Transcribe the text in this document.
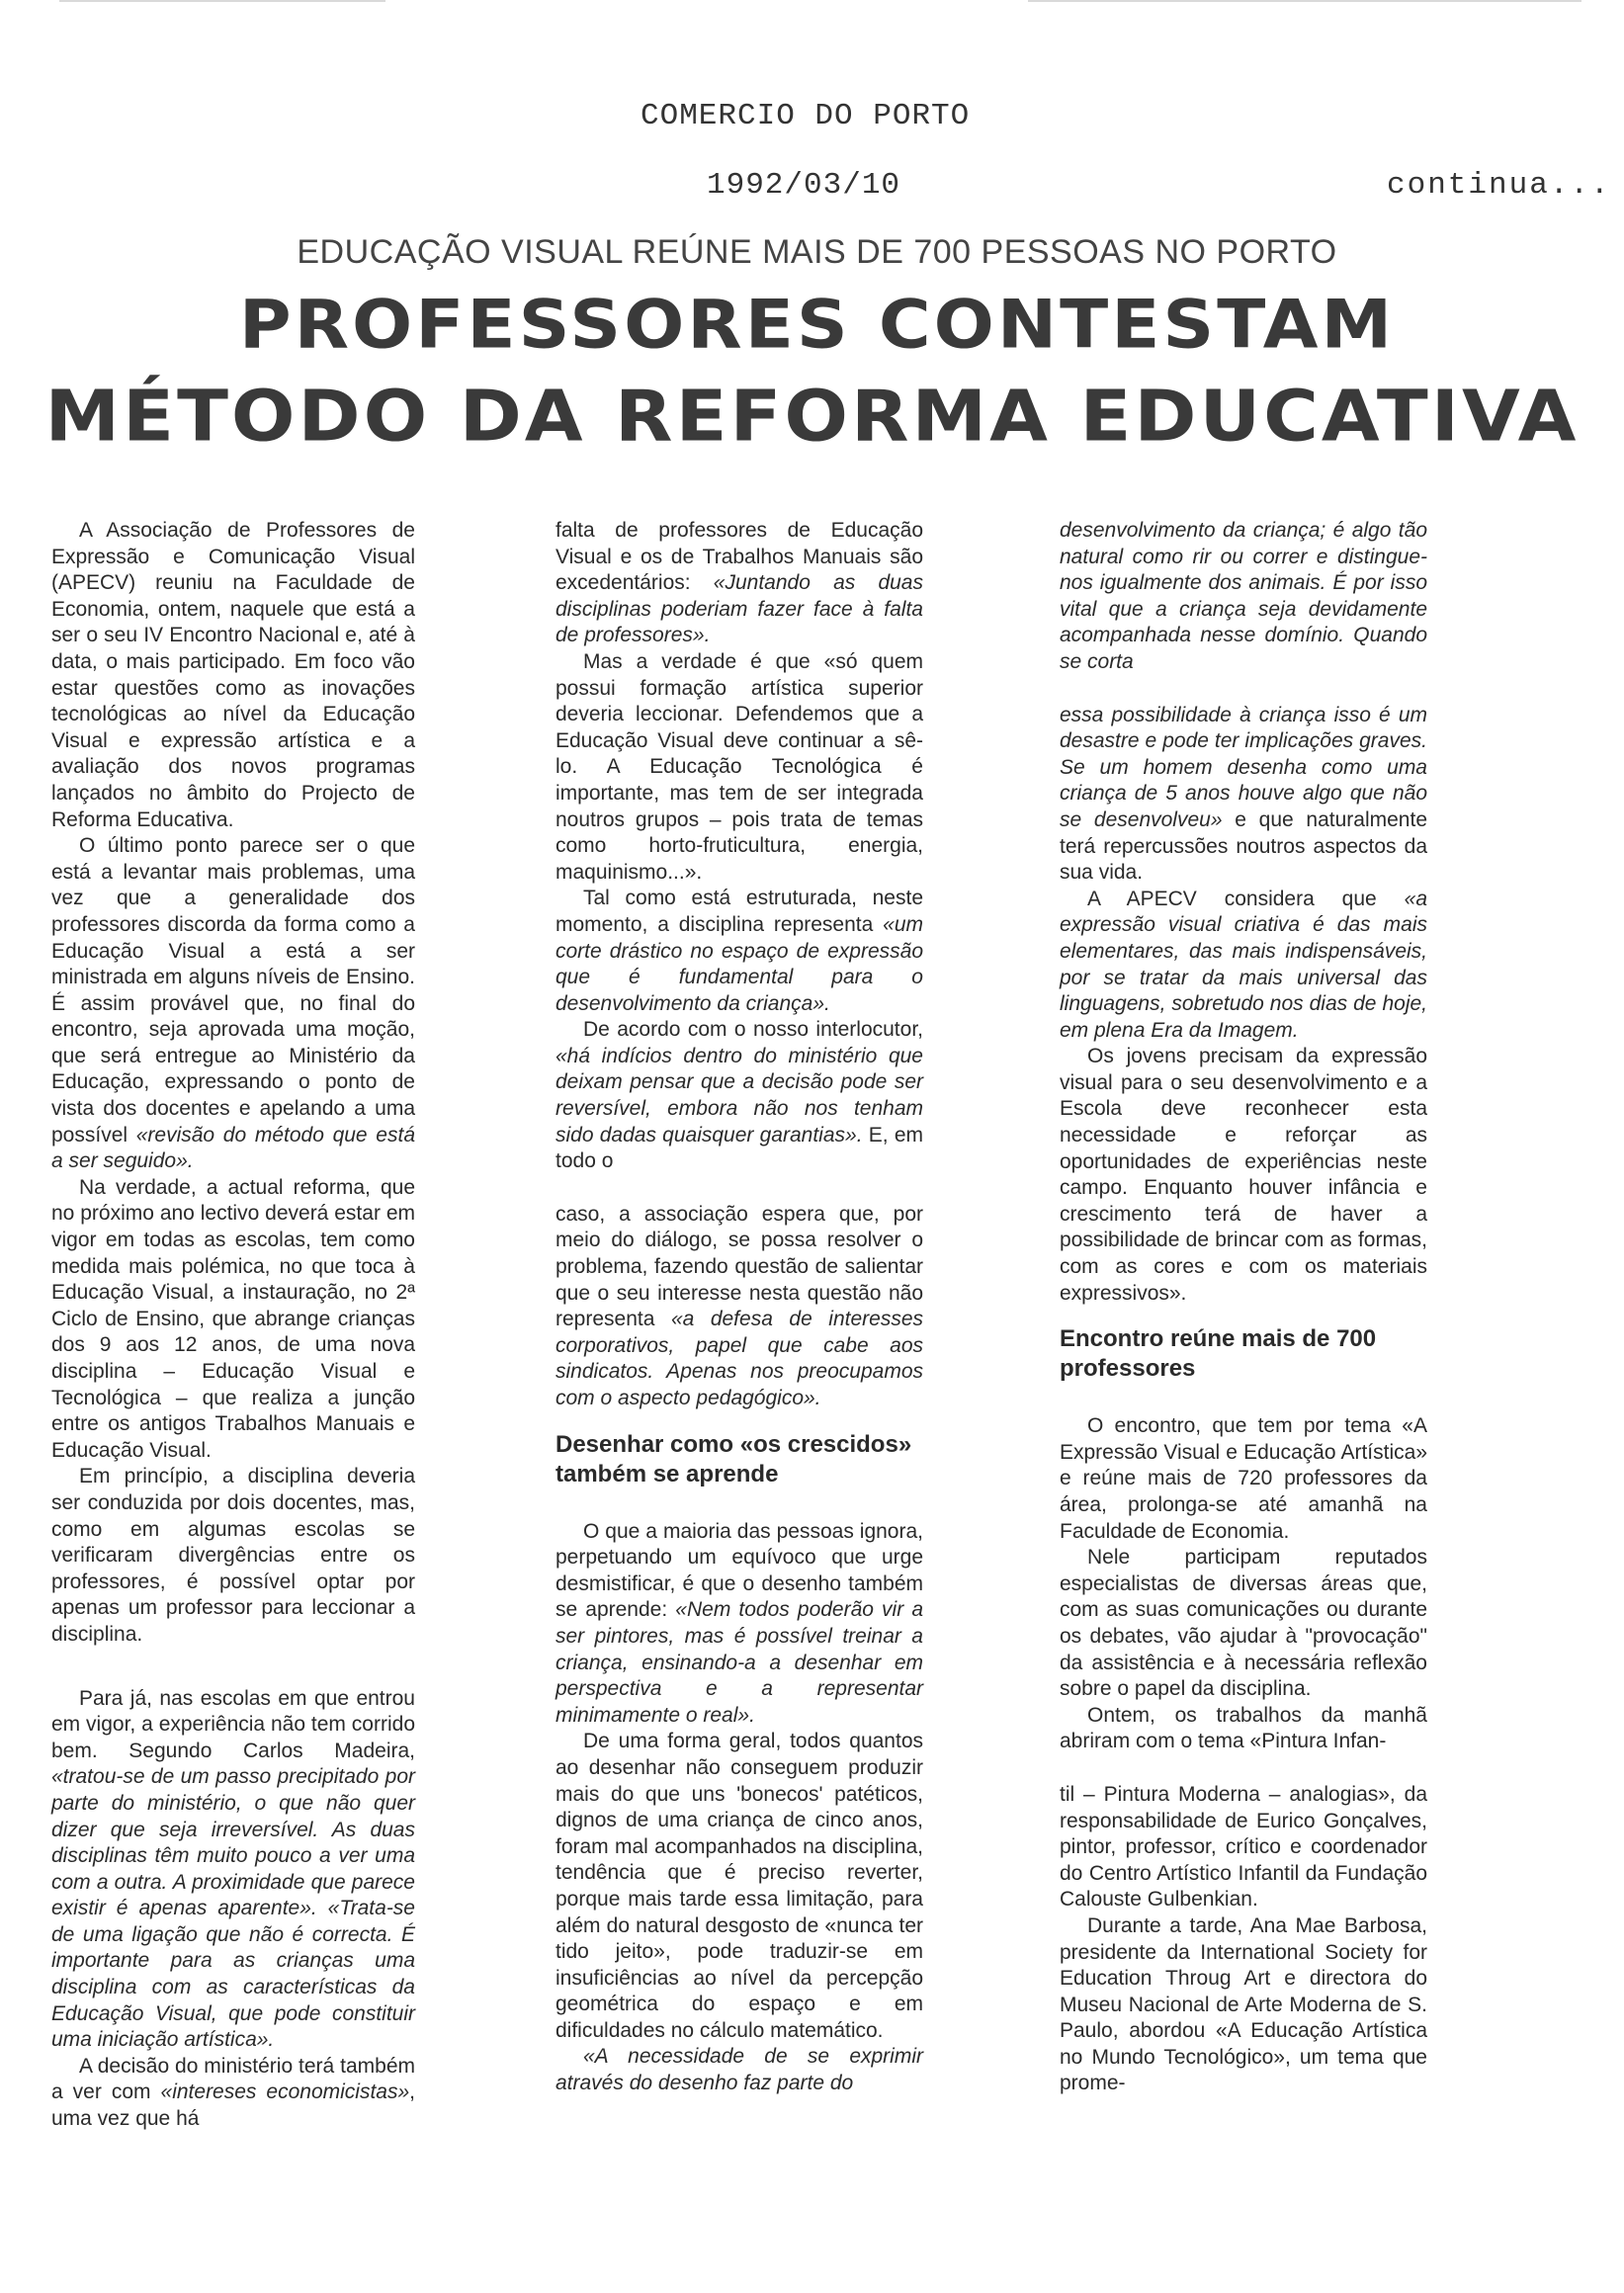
COMERCIO DO PORTO
1992/03/10	continua...
EDUCAÇÃO VISUAL REÚNE MAIS DE 700 PESSOAS NO PORTO
PROFESSORES CONTESTAM
MÉTODO DA REFORMA EDUCATIVA

A Associação de Professores de Expressão e Comunicação Visual (APECV) reuniu na Faculdade de Economia, ontem, naquele que está a ser o seu IV Encontro Nacional e, até à data, o mais participado. Em foco vão estar questões como as inovações tecnológicas ao nível da Educação Visual e expressão artística e a avaliação dos novos programas lançados no âmbito do Projecto de Reforma Educativa.

O último ponto parece ser o que está a levantar mais problemas, uma vez que a generalidade dos professores discorda da forma como a Educação Visual a está a ser ministrada em alguns níveis de Ensino. É assim provável que, no final do encontro, seja aprovada uma moção, que será entregue ao Ministério da Educação, expressando o ponto de vista dos docentes e apelando a uma possível «revisão do método que está a ser seguido».

Na verdade, a actual reforma, que no próximo ano lectivo deverá estar em vigor em todas as escolas, tem como medida mais polémica, no que toca à Educação Visual, a instauração, no 2ª Ciclo de Ensino, que abrange crianças dos 9 aos 12 anos, de uma nova disciplina – Educação Visual e Tecnológica – que realiza a junção entre os antigos Trabalhos Manuais e Educação Visual.

Em princípio, a disciplina deveria ser conduzida por dois docentes, mas, como em algumas escolas se verificaram divergências entre os professores, é possível optar por apenas um professor para leccionar a disciplina.

Para já, nas escolas em que entrou em vigor, a experiência não tem corrido bem. Segundo Carlos Madeira, «tratou-se de um passo precipitado por parte do ministério, o que não quer dizer que seja irreversível. As duas disciplinas têm muito pouco a ver uma com a outra. A proximidade que parece existir é apenas aparente». «Trata-se de uma ligação que não é correcta. É importante para as crianças uma disciplina com as características da Educação Visual, que pode constituir uma iniciação artística».

A decisão do ministério terá também a ver com «intereses economicistas», uma vez que há

falta de professores de Educação Visual e os de Trabalhos Manuais são excedentários: «Juntando as duas disciplinas poderiam fazer face à falta de professores».

Mas a verdade é que «só quem possui formação artística superior deveria leccionar. Defendemos que a Educação Visual deve continuar a sê-lo. A Educação Tecnológica é importante, mas tem de ser integrada noutros grupos – pois trata de temas como horto-fruticultura, energia, maquinismo...».

Tal como está estruturada, neste momento, a disciplina representa «um corte drástico no espaço de expressão que é fundamental para o desenvolvimento da criança».

De acordo com o nosso interlocutor, «há indícios dentro do ministério que deixam pensar que a decisão pode ser reversível, embora não nos tenham sido dadas quaisquer garantias». E, em todo o

caso, a associação espera que, por meio do diálogo, se possa resolver o problema, fazendo questão de salientar que o seu interesse nesta questão não representa «a defesa de interesses corporativos, papel que cabe aos sindicatos. Apenas nos preocupamos com o aspecto pedagógico».

Desenhar como «os crescidos» também se aprende

O que a maioria das pessoas ignora, perpetuando um equívoco que urge desmistificar, é que o desenho também se aprende: «Nem todos poderão vir a ser pintores, mas é possível treinar a criança, ensinando-a a desenhar em perspectiva e a representar minimamente o real».

De uma forma geral, todos quantos ao desenhar não conseguem produzir mais do que uns 'bonecos' patéticos, dignos de uma criança de cinco anos, foram mal acompanhados na disciplina, tendência que é preciso reverter, porque mais tarde essa limitação, para além do natural desgosto de «nunca ter tido jeito», pode traduzir-se em insuficiências ao nível da percepção geométrica do espaço e em dificuldades no cálculo matemático.

«A necessidade de se exprimir através do desenho faz parte do

desenvolvimento da criança; é algo tão natural como rir ou correr e distingue-nos igualmente dos animais. É por isso vital que a criança seja devidamente acompanhada nesse domínio. Quando se corta

essa possibilidade à criança isso é um desastre e pode ter implicações graves. Se um homem desenha como uma criança de 5 anos houve algo que não se desenvolveu» e que naturalmente terá repercussões noutros aspectos da sua vida.

A APECV considera que «a expressão visual criativa é das mais elementares, das mais indispensáveis, por se tratar da mais universal das linguagens, sobretudo nos dias de hoje, em plena Era da Imagem.

Os jovens precisam da expressão visual para o seu desenvolvimento e a Escola deve reconhecer esta necessidade e reforçar as oportunidades de experiências neste campo. Enquanto houver infância e crescimento terá de haver a possibilidade de brincar com as formas, com as cores e com os materiais expressivos».

Encontro reúne mais de 700 professores

O encontro, que tem por tema «A Expressão Visual e Educação Artística» e reúne mais de 720 professores da área, prolonga-se até amanhã na Faculdade de Economia.

Nele participam reputados especialistas de diversas áreas que, com as suas comunicações ou durante os debates, vão ajudar à "provocação" da assistência e à necessária reflexão sobre o papel da disciplina.

Ontem, os trabalhos da manhã abriram com o tema «Pintura Infan-

til – Pintura Moderna – analogias», da responsabilidade de Eurico Gonçalves, pintor, professor, crítico e coordenador do Centro Artístico Infantil da Fundação Calouste Gulbenkian.

Durante a tarde, Ana Mae Barbosa, presidente da International Society for Education Throug Art e directora do Museu Nacional de Arte Moderna de S. Paulo, abordou «A Educação Artística no Mundo Tecnológico», um tema que prome-
